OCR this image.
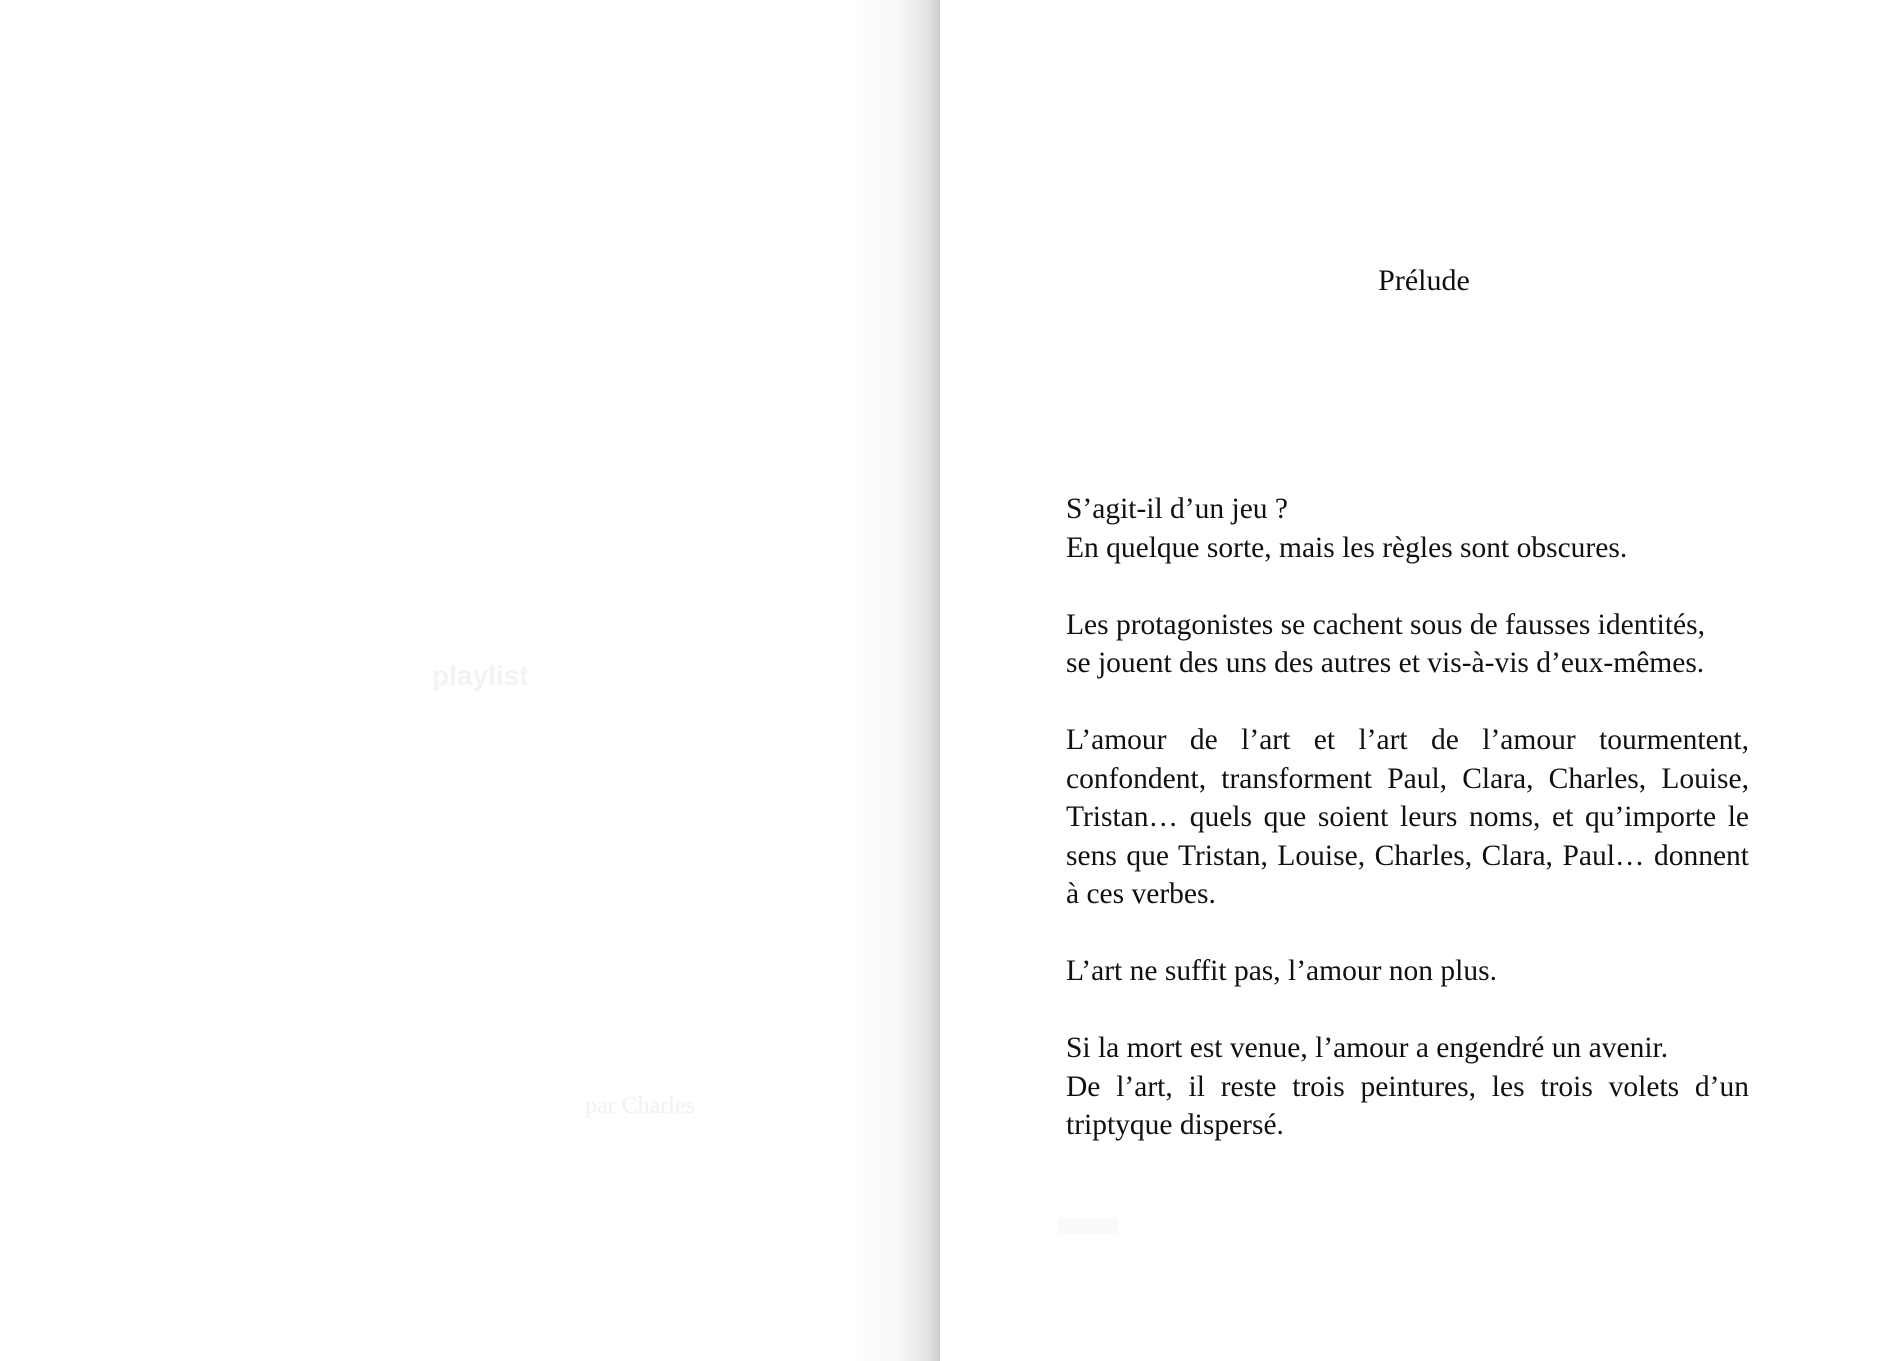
playlist
par Charles
Prélude

S’agit-il d’un jeu ?
En quelque sorte, mais les règles sont obscures.

Les protagonistes se cachent sous de fausses identités,
se jouent des uns des autres et vis-à-vis d’eux-mêmes.

L’amour de l’art et l’art de l’amour tourmentent, confondent, transforment Paul, Clara, Charles, Louise, Tristan… quels que soient leurs noms, et qu’importe le sens que Tristan, Louise, Charles, Clara, Paul… donnent à ces verbes.

L’art ne suffit pas, l’amour non plus.

Si la mort est venue, l’amour a engendré un avenir.
De l’art, il reste trois peintures, les trois volets d’un triptyque dispersé.
